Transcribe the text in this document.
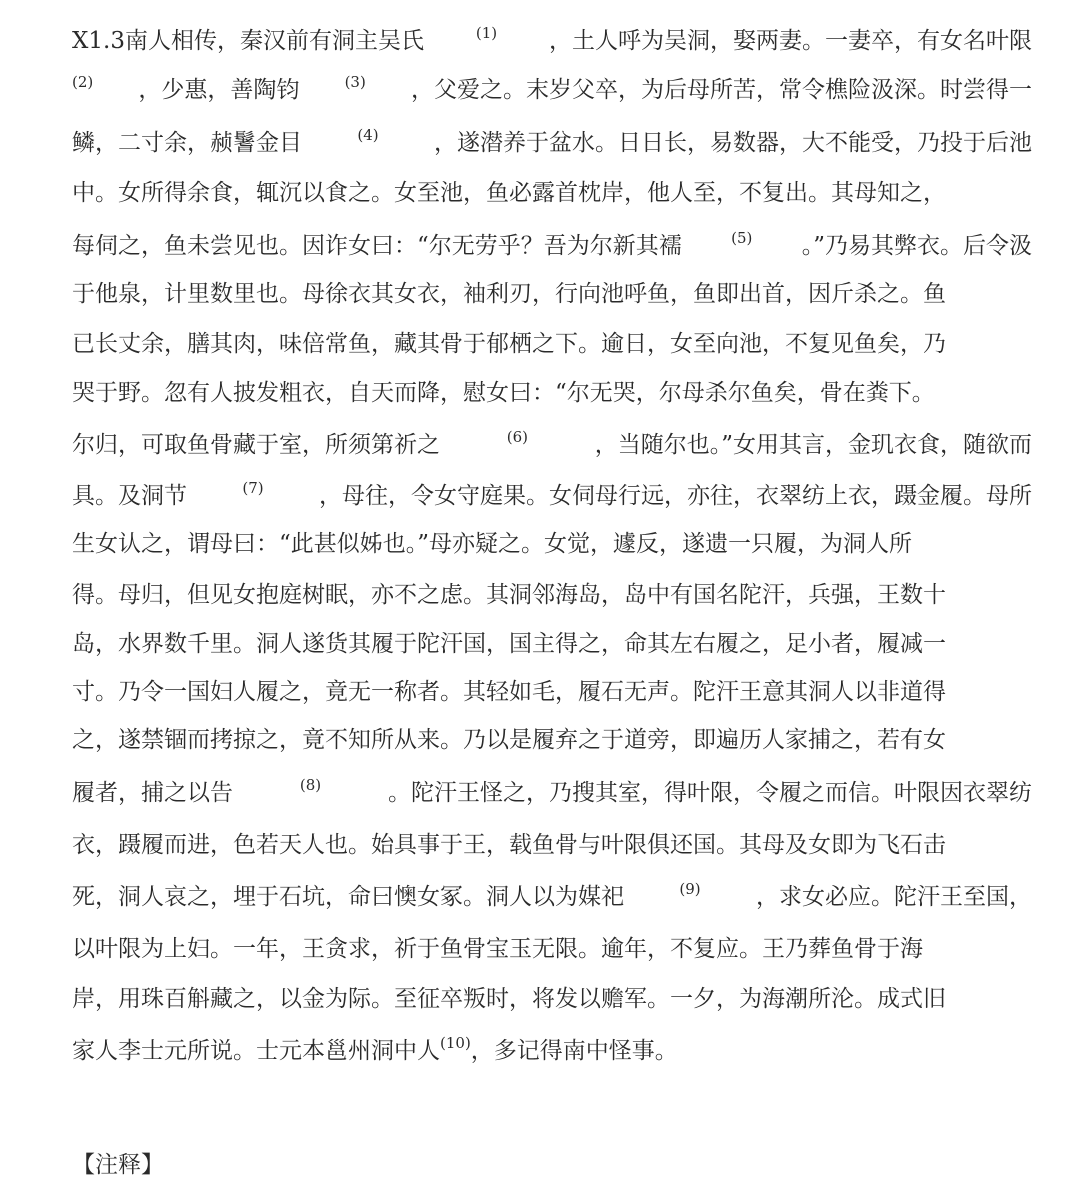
X1.3南人相传，秦汉前有洞主吴氏	$^{(1)}$ ，土人呼为吴洞，娶两妻。一妻卒，有女名叶限
$^{(2)}$ ，少惠，善陶钧	$^{(3)}$ ，父爱之。末岁父卒，为后母所苦，常令樵险汲深。时尝得一
鳞，二寸余，赪鬐金目	$^{(4)}$ ，遂潜养于盆水。日日长，易数器，大不能受，乃投于后池
中。女所得余食，辄沉以食之。女至池，鱼必露首枕岸，他人至，不复出。其母知之，
每伺之，鱼未尝见也。因诈女曰：“尔无劳乎？吾为尔新其襦	$^{(5)}$ 。”乃易其弊衣。后令汲
于他泉，计里数里也。母徐衣其女衣，袖利刃，行向池呼鱼，鱼即出首，因斤杀之。鱼
已长丈余，膳其肉，味倍常鱼，藏其骨于郁栖之下。逾日，女至向池，不复见鱼矣，乃
哭于野。忽有人披发粗衣，自天而降，慰女曰：“尔无哭，尔母杀尔鱼矣，骨在粪下。
尔归，可取鱼骨藏于室，所须第祈之	$^{(6)}$	，当随尔也。”女用其言，金玑衣食，随欲而
具。及洞节	$^{(7)}$ ，母往，令女守庭果。女伺母行远，亦往，衣翠纺上衣，蹑金履。母所
生女认之，谓母曰：“此甚似姊也。”母亦疑之。女觉，遽反，遂遗一只履，为洞人所
得。母归，但见女抱庭树眠，亦不之虑。其洞邻海岛，岛中有国名陀汗，兵强，王数十
岛，水界数千里。洞人遂货其履于陀汗国，国主得之，命其左右履之，足小者，履减一
寸。乃令一国妇人履之，竟无一称者。其轻如毛，履石无声。陀汗王意其洞人以非道得
之，遂禁锢而拷掠之，竟不知所从来。乃以是履弃之于道旁，即遍历人家捕之，若有女
履者，捕之以告	$^{(8)}$	。陀汗王怪之，乃搜其室，得叶限，令履之而信。叶限因衣翠纺
衣，蹑履而进，色若天人也。始具事于王，载鱼骨与叶限俱还国。其母及女即为飞石击
死，洞人哀之，埋于石坑，命曰懊女冢。洞人以为媒祀	$^{(9)}$ ，求女必应。陀汗王至国，
以叶限为上妇。一年，王贪求，祈于鱼骨宝玉无限。逾年，不复应。王乃葬鱼骨于海
岸，用珠百斛藏之，以金为际。至征卒叛时，将发以赡军。一夕，为海潮所沦。成式旧
家人李士元所说。士元本邕州洞中人$^{(10)}$ ，多记得南中怪事。
【注释】
